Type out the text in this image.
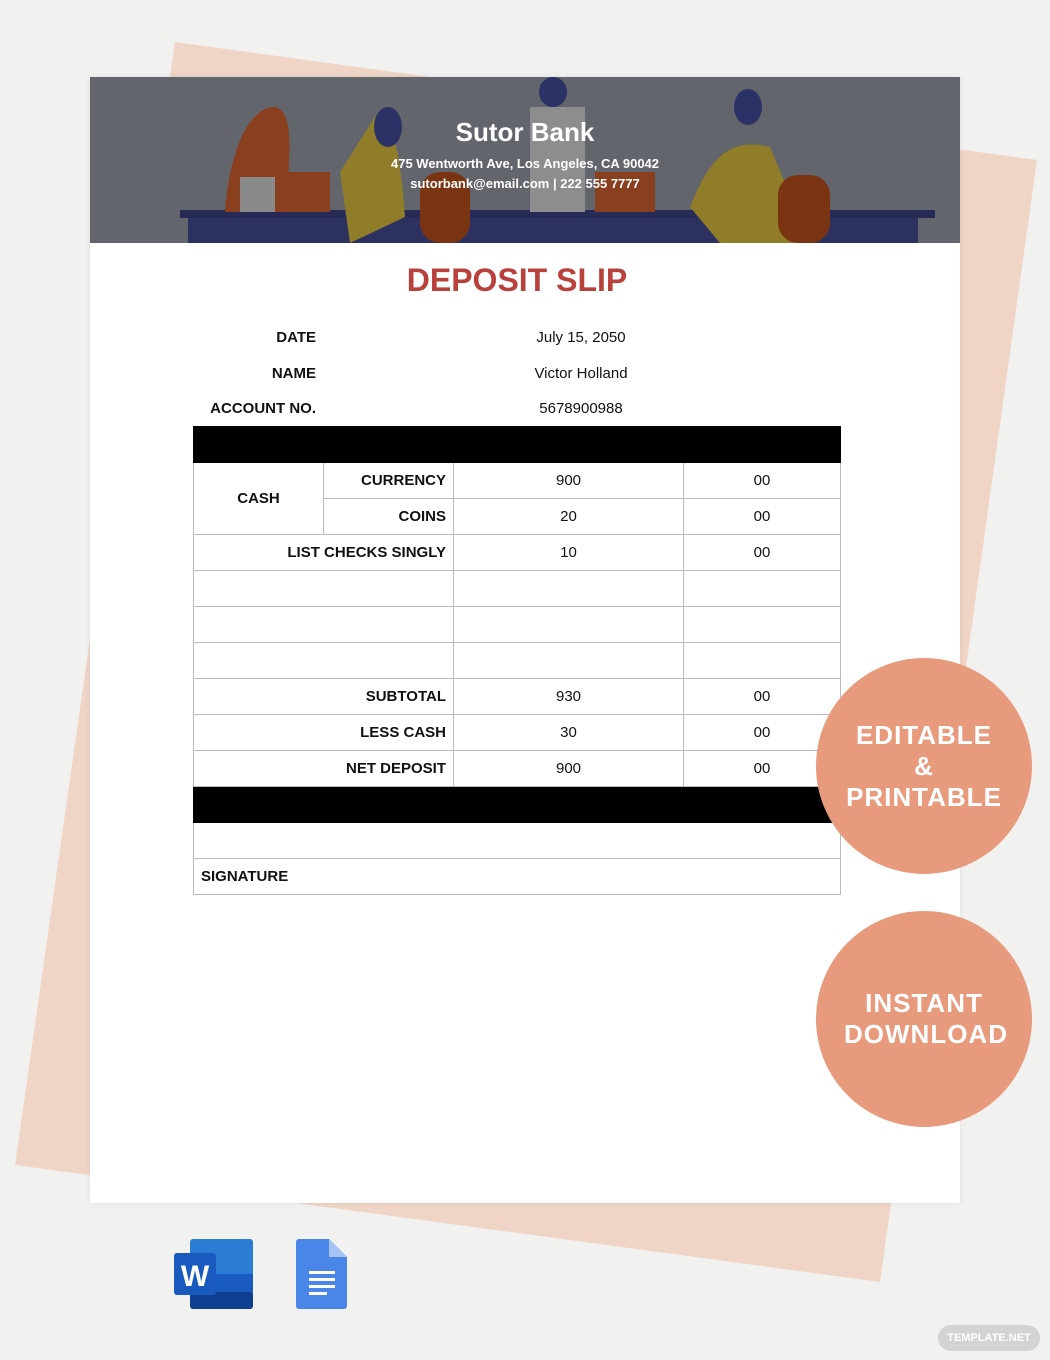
Sutor Bank
475 Wentworth Ave, Los Angeles, CA 90042
sutorbank@email.com | 222 555 7777
DEPOSIT SLIP
DATE	July 15, 2050
NAME	Victor Holland
ACCOUNT NO.	5678900988

CASH	CURRENCY	900	00
	COINS	20	00
LIST CHECKS SINGLY		10	00

SUBTOTAL		930	00
LESS CASH		30	00
NET DEPOSIT		900	00

SIGNATURE			
EDITABLE & PRINTABLE
INSTANT DOWNLOAD
W
TEMPLATE.NET
